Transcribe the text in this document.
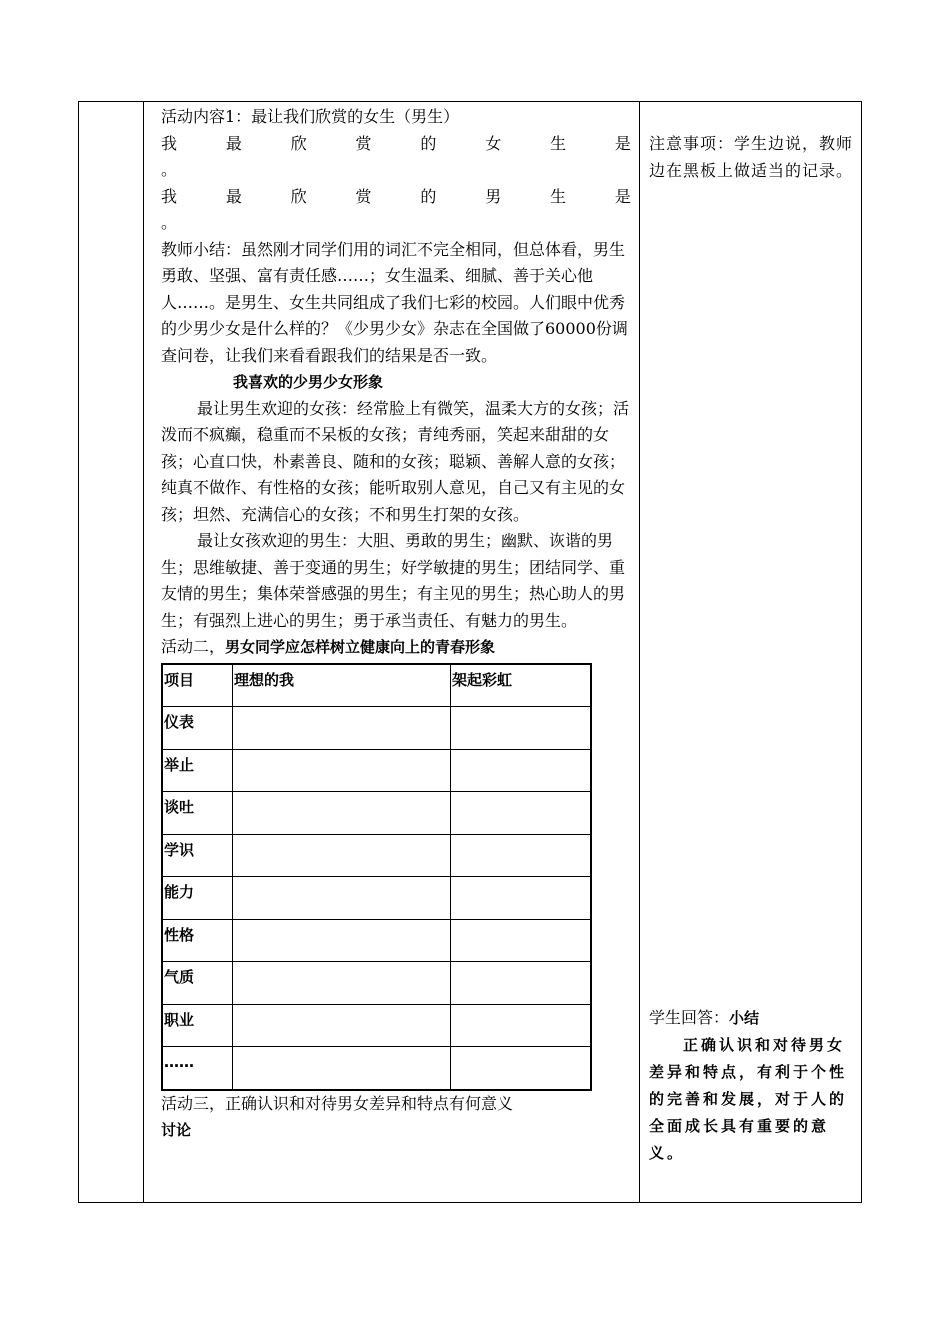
活动内容1：最让我们欣赏的女生（男生）

我	最	欣	赏	的	女	生	是
。
我	最	欣	赏	的	男	生	是
。

教师小结：虽然刚才同学们用的词汇不完全相同，但总体看，男生勇敢、坚强、富有责任感……；女生温柔、细腻、善于关心他人……。是男生、女生共同组成了我们七彩的校园。人们眼中优秀的少男少女是什么样的？《少男少女》杂志在全国做了60000份调查问卷，让我们来看看跟我们的结果是否一致。

我喜欢的少男少女形象

最让男生欢迎的女孩：经常脸上有微笑，温柔大方的女孩；活泼而不疯癫，稳重而不呆板的女孩；青纯秀丽，笑起来甜甜的女孩；心直口快，朴素善良、随和的女孩；聪颖、善解人意的女孩；纯真不做作、有性格的女孩；能听取别人意见，自己又有主见的女孩；坦然、充满信心的女孩；不和男生打架的女孩。

最让女孩欢迎的男生：大胆、勇敢的男生；幽默、诙谐的男生；思维敏捷、善于变通的男生；好学敏捷的男生；团结同学、重友情的男生；集体荣誉感强的男生；有主见的男生；热心助人的男生；有强烈上进心的男生；勇于承当责任、有魅力的男生。

活动二，男女同学应怎样树立健康向上的青春形象

项目	理想的我	架起彩虹
仪表		
举止		
谈吐		
学识		
能力		
性格		
气质		
职业		
……		

活动三，正确认识和对待男女差异和特点有何意义

讨论

注意事项：学生边说，教师边在黑板上做适当的记录。

学生回答：小结

正确认识和对待男女差异和特点，有利于个性的完善和发展，对于人的全面成长具有重要的意义。
